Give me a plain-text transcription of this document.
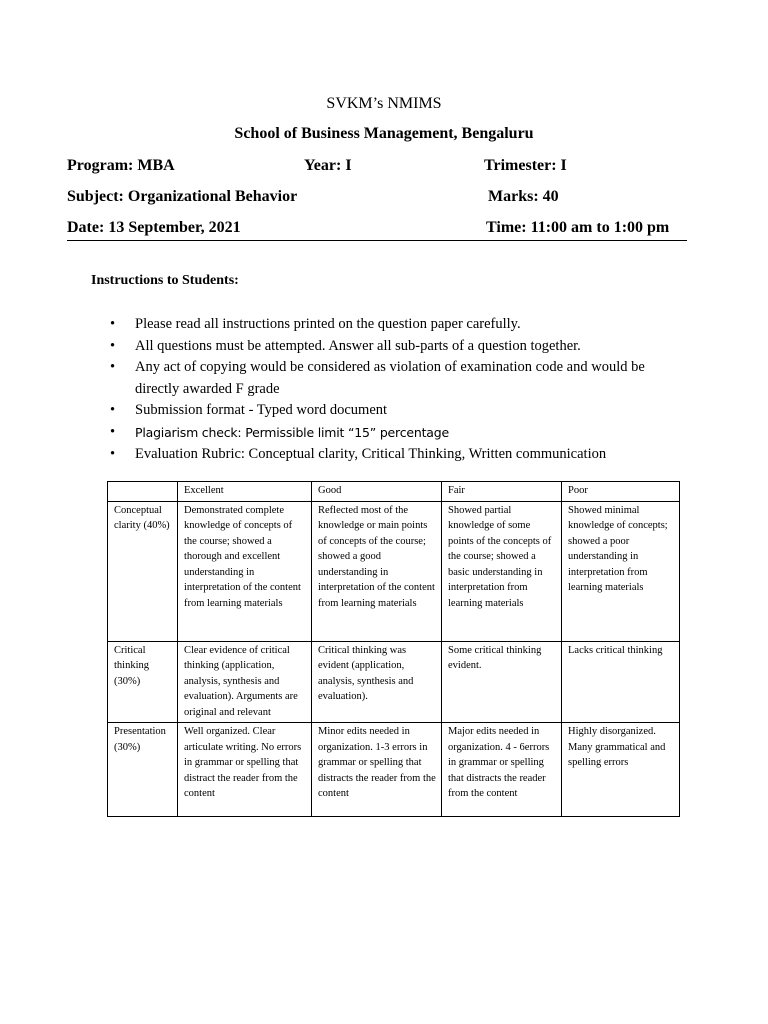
SVKM’s NMIMS
School of Business Management, Bengaluru
Program: MBA	Year: I	Trimester: I
Subject: Organizational Behavior	Marks: 40
Date: 13 September, 2021	Time: 11:00 am to 1:00 pm
Instructions to Students:
• Please read all instructions printed on the question paper carefully.
• All questions must be attempted. Answer all sub-parts of a question together.
• Any act of copying would be considered as violation of examination code and would be directly awarded F grade
• Submission format - Typed word document
• Plagiarism check: Permissible limit “15” percentage
• Evaluation Rubric: Conceptual clarity, Critical Thinking, Written communication
	Excellent	Good	Fair	Poor
Conceptual clarity (40%)	Demonstrated complete knowledge of concepts of the course; showed a thorough and excellent understanding in interpretation of the content from learning materials	Reflected most of the knowledge or main points of concepts of the course; showed a good understanding in interpretation of the content from learning materials	Showed partial knowledge of some points of the concepts of the course; showed a basic understanding in interpretation from learning materials	Showed minimal knowledge of concepts; showed a poor understanding in interpretation from learning materials
Critical thinking (30%)	Clear evidence of critical thinking (application, analysis, synthesis and evaluation). Arguments are original and relevant	Critical thinking was evident (application, analysis, synthesis and evaluation).	Some critical thinking evident.	Lacks critical thinking
Presentation (30%)	Well organized. Clear articulate writing. No errors in grammar or spelling that distract the reader from the content	Minor edits needed in organization. 1-3 errors in grammar or spelling that distracts the reader from the content	Major edits needed in organization. 4 - 6errors in grammar or spelling that distracts the reader from the content	Highly disorganized. Many grammatical and spelling errors
